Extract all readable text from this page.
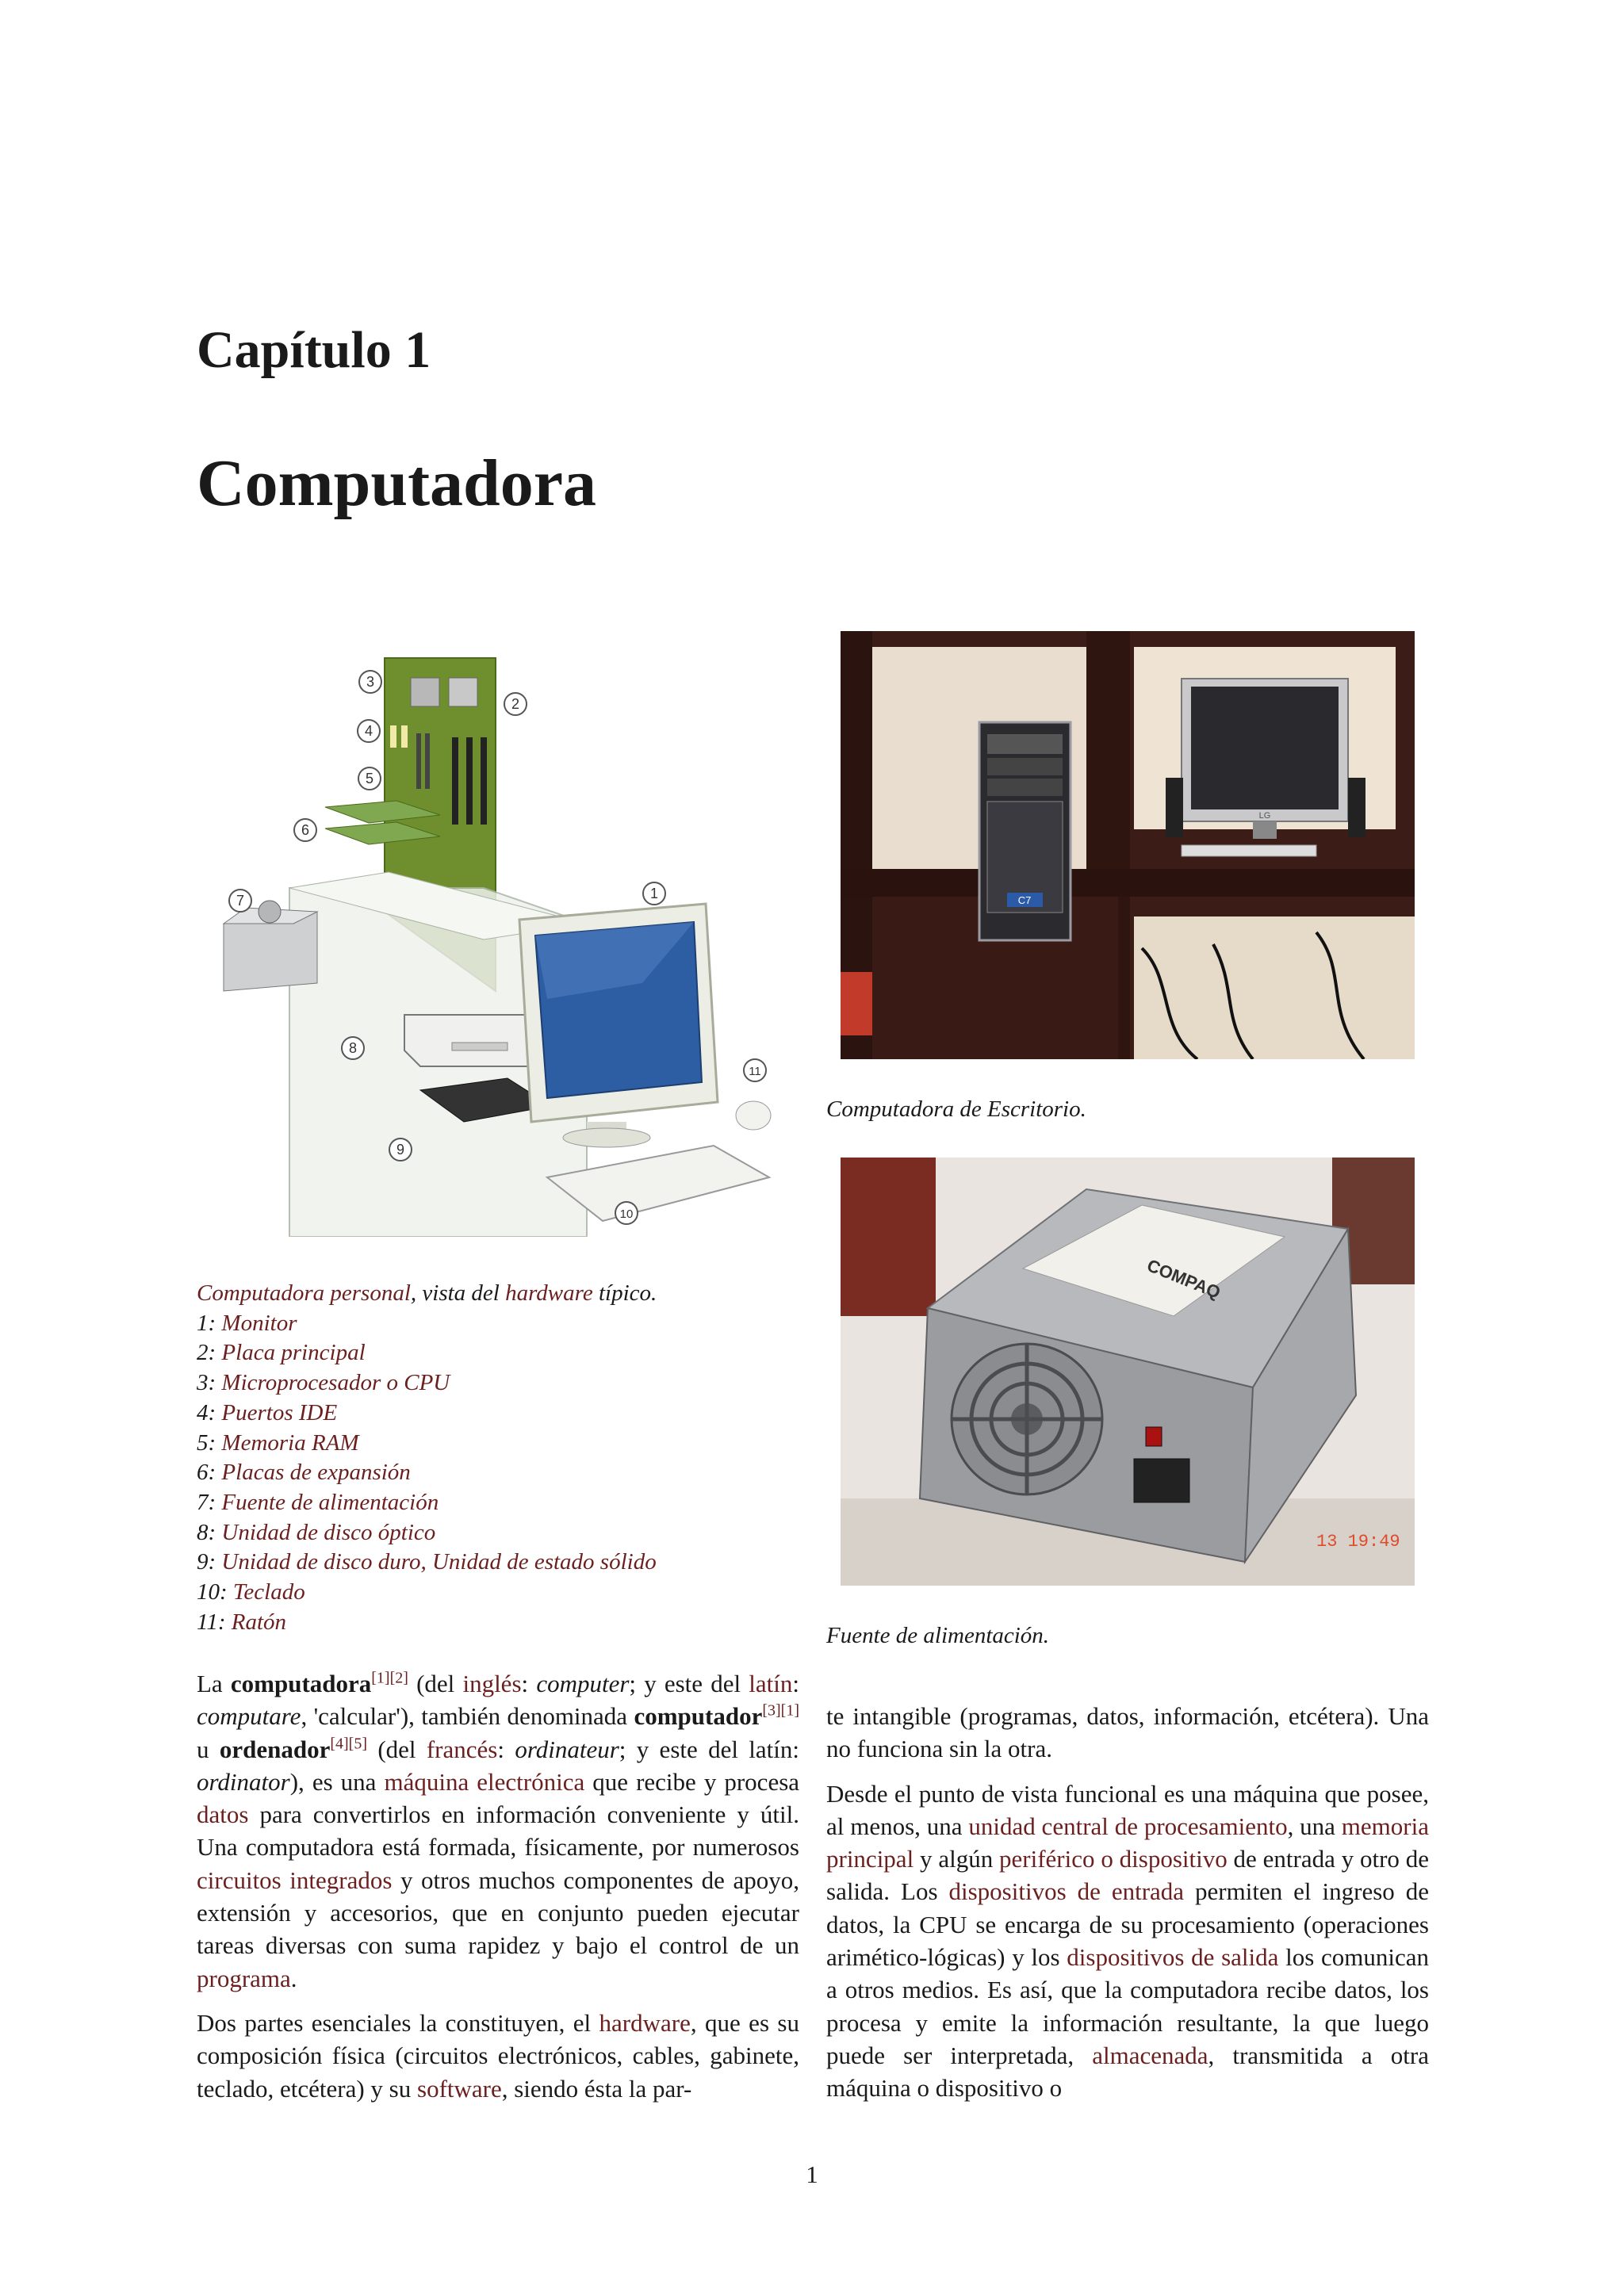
Capítulo 1
Computadora
3
2
4
5
6
1
7
8
11
9
10
C7
LG
Computadora de Escritorio.
COMPAQ
13 19:49
Fuente de alimentación.
Computadora personal, vista del hardware típico.
1: Monitor
2: Placa principal
3: Microprocesador o CPU
4: Puertos IDE
5: Memoria RAM
6: Placas de expansión
7: Fuente de alimentación
8: Unidad de disco óptico
9: Unidad de disco duro, Unidad de estado sólido
10: Teclado
11: Ratón

La computadora[1][2] (del inglés: computer; y este del latín: computare, 'calcular'), también denominada computador[3][1] u ordenador[4][5] (del francés: ordinateur; y este del latín: ordinator), es una máquina electrónica que recibe y procesa datos para convertirlos en información conveniente y útil. Una computadora está formada, físicamente, por numerosos circuitos integrados y otros muchos componentes de apoyo, extensión y accesorios, que en conjunto pueden ejecutar tareas diversas con suma rapidez y bajo el control de un programa.

Dos partes esenciales la constituyen, el hardware, que es su composición física (circuitos electrónicos, cables, gabinete, teclado, etcétera) y su software, siendo ésta la par-

te intangible (programas, datos, información, etcétera). Una no funciona sin la otra.

Desde el punto de vista funcional es una máquina que posee, al menos, una unidad central de procesamiento, una memoria principal y algún periférico o dispositivo de entrada y otro de salida. Los dispositivos de entrada permiten el ingreso de datos, la CPU se encarga de su procesamiento (operaciones arimético-lógicas) y los dispositivos de salida los comunican a otros medios. Es así, que la computadora recibe datos, los procesa y emite la información resultante, la que luego puede ser interpretada, almacenada, transmitida a otra máquina o dispositivo o

1
